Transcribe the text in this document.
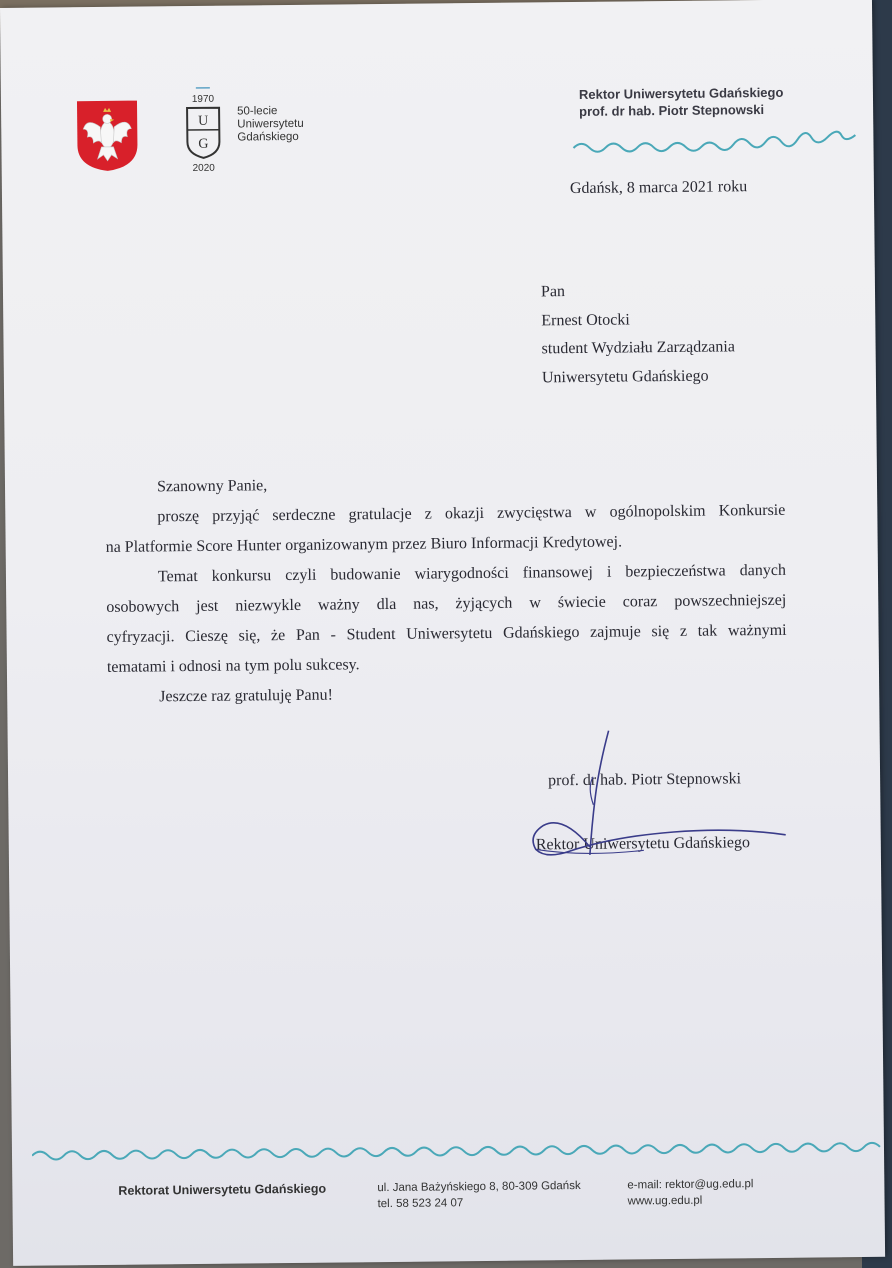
1970
U
G
2020
50-lecie
Uniwersytetu
Gdańskiego
Rektor Uniwersytetu Gdańskiego
prof. dr hab. Piotr Stepnowski
Gdańsk, 8 marca 2021 roku
Pan
Ernest Otocki
student Wydziału Zarządzania
Uniwersytetu Gdańskiego

Szanowny Panie,

proszę przyjąć serdeczne gratulacje z okazji zwycięstwa w ogólnopolskim Konkursie

na Platformie Score Hunter organizowanym przez Biuro Informacji Kredytowej.

Temat konkursu czyli budowanie wiarygodności finansowej i bezpieczeństwa danych

osobowych jest niezwykle ważny dla nas, żyjących w świecie coraz powszechniejszej

cyfryzacji. Cieszę się, że Pan - Student Uniwersytetu Gdańskiego zajmuje się z tak ważnymi

tematami i odnosi na tym polu sukcesy.

Jeszcze raz gratuluję Panu!

prof. dr hab. Piotr Stepnowski
Rektor Uniwersytetu Gdańskiego
Rektorat Uniwersytetu Gdańskiego	ul. Jana Bażyńskiego 8, 80-309 Gdańsk
tel. 58 523 24 07
e-mail: rektor@ug.edu.pl
www.ug.edu.pl
